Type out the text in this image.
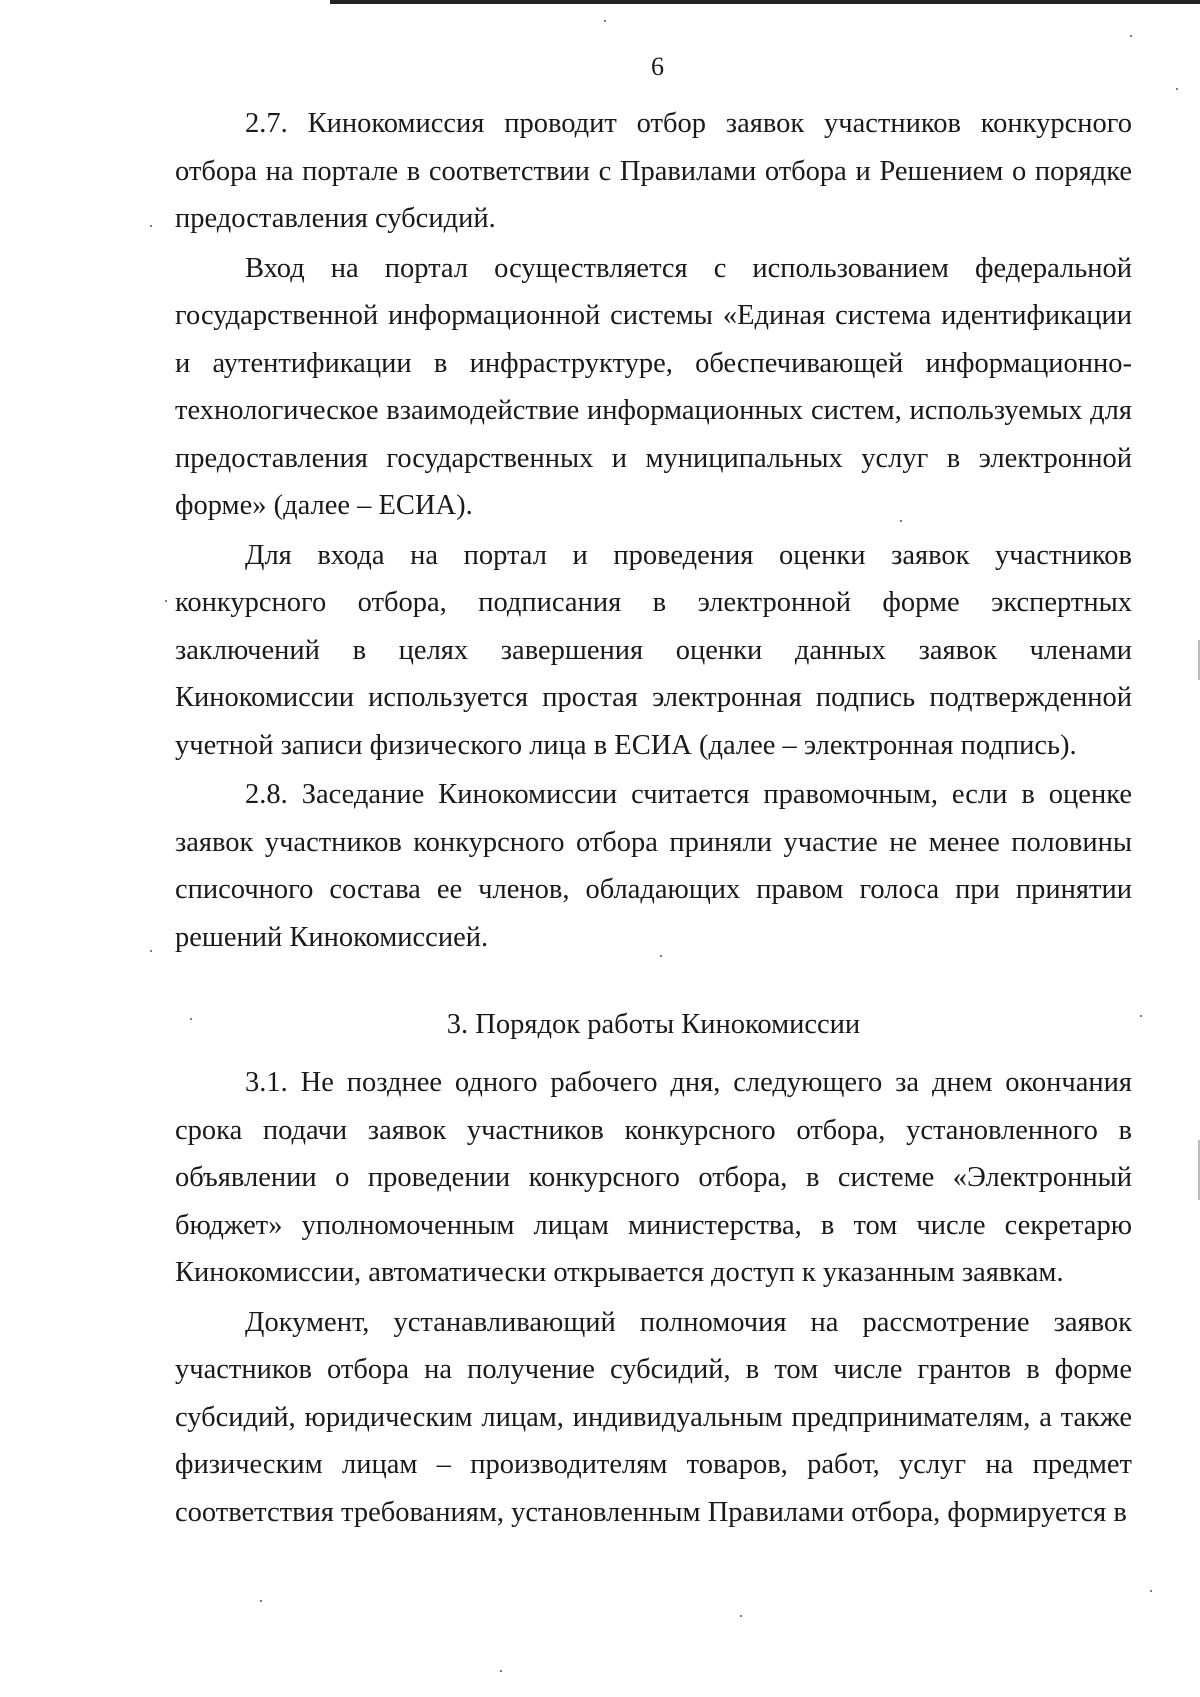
6

2.7. Кинокомиссия проводит отбор заявок участников конкурсного отбора на портале в соответствии с Правилами отбора и Решением о порядке предоставления субсидий.

Вход на портал осуществляется с использованием федеральной государственной информационной системы «Единая система идентификации и аутентификации в инфраструктуре, обеспечивающей информационно-технологическое взаимодействие информационных систем, используемых для предоставления государственных и муниципальных услуг в электронной форме» (далее – ЕСИА).

Для входа на портал и проведения оценки заявок участников конкурсного отбора, подписания в электронной форме экспертных заключений в целях завершения оценки данных заявок членами Кинокомиссии используется простая электронная подпись подтвержденной учетной записи физического лица в ЕСИА (далее – электронная подпись).

2.8. Заседание Кинокомиссии считается правомочным, если в оценке заявок участников конкурсного отбора приняли участие не менее половины списочного состава ее членов, обладающих правом голоса при принятии решений Кинокомиссией.

3. Порядок работы Кинокомиссии

3.1. Не позднее одного рабочего дня, следующего за днем окончания срока подачи заявок участников конкурсного отбора, установленного в объявлении о проведении конкурсного отбора, в системе «Электронный бюджет» уполномоченным лицам министерства, в том числе секретарю Кинокомиссии, автоматически открывается доступ к указанным заявкам.

Документ, устанавливающий полномочия на рассмотрение заявок участников отбора на получение субсидий, в том числе грантов в форме субсидий, юридическим лицам, индивидуальным предпринимателям, а также физическим лицам – производителям товаров, работ, услуг на предмет соответствия требованиям, установленным Правилами отбора, формируется в
